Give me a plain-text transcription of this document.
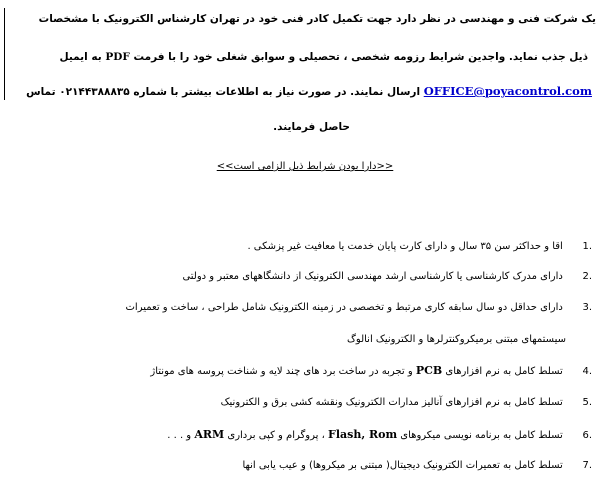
یک شرکت فنی و مهندسی در نظر دارد جهت تکمیل کادر فنی خود در تهران کارشناس الکترونیک با مشخصات
ذیل جذب نماید. واجدین شرایط رزومه شخصی ، تحصیلی و سوابق شغلی خود را با فرمت PDF به ایمیل
OFFICE@poyacontrol.com ارسال نمایند. در صورت نیاز به اطلاعات بیشتر با شماره ۰۲۱۴۴۳۸۸۸۳۵ تماس
حاصل فرمایند.
<<دارا بودن شرایط ذیل الزامی است>>
.1 اقا و حداکثر سن ۳۵ سال و دارای کارت پایان خدمت یا معافیت غیر پزشکی .
.2 دارای مدرک کارشناسی یا کارشناسی ارشد مهندسی الکترونیک از دانشگاههای معتبر و دولتی
.3 دارای حداقل دو سال سابقه کاری مرتبط و تخصصی در زمینه الکترونیک شامل طراحی ، ساخت و تعمیرات
سیستمهای مبتنی برمیکروکنترلرها و الکترونیک انالوگ
.4 تسلط کامل به نرم افزارهای PCB و تجربه در ساخت برد های چند لایه و شناخت پروسه های مونتاژ
.5 تسلط کامل به نرم افزارهای آنالیز مدارات الکترونیک ونقشه کشی برق و الکترونیک
.6 تسلط کامل به برنامه نویسی میکروهای ARM ، پروگرام و کپی برداری Flash, Rom و . . .
.7 تسلط کامل به تعمیرات الکترونیک دیجیتال( مبتنی بر میکروها) و عیب یابی انها
